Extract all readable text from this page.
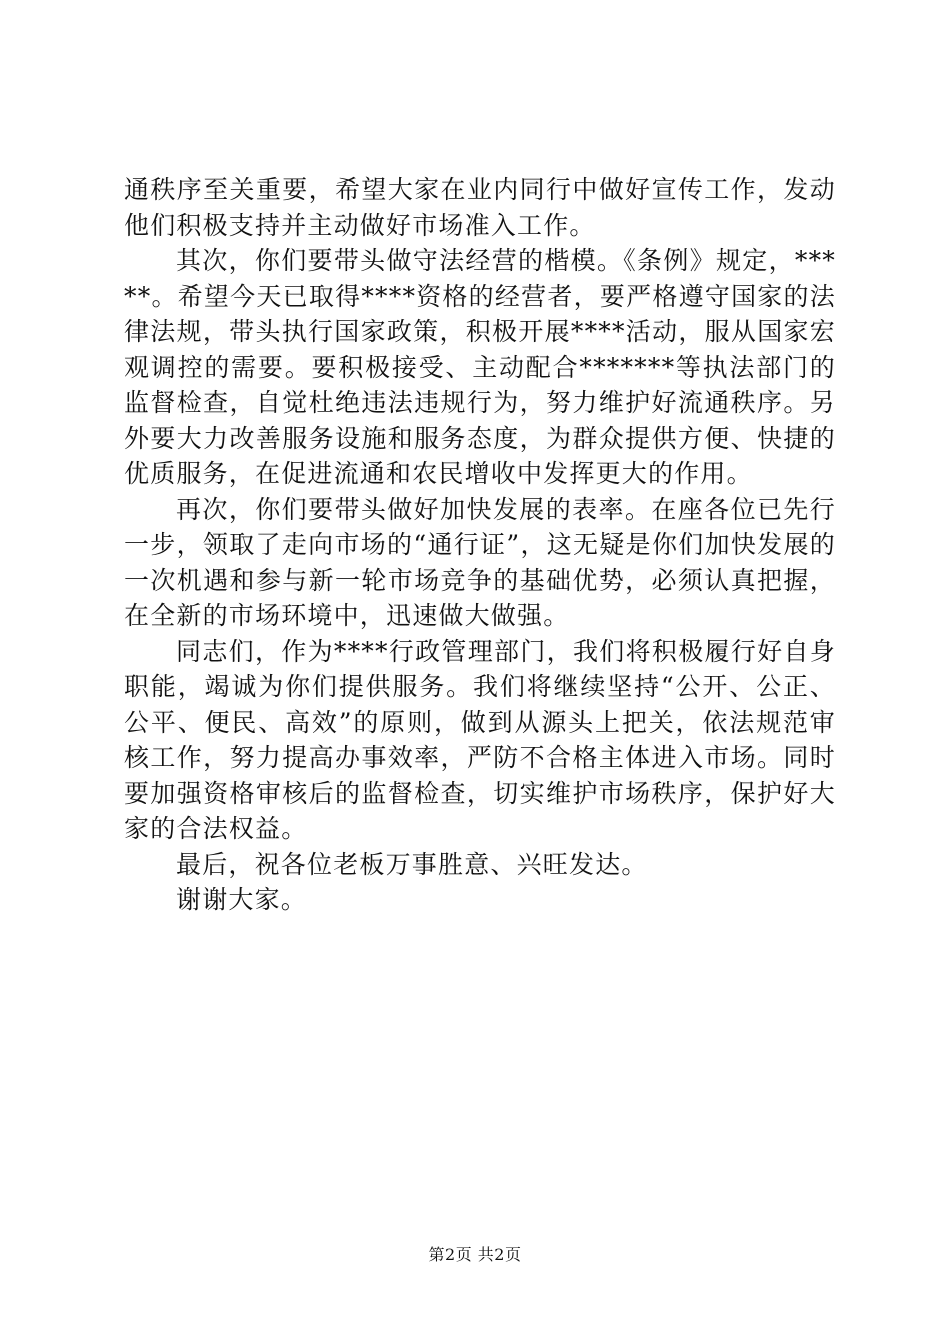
通秩序至关重要，希望大家在业内同行中做好宣传工作，发动他们积极支持并主动做好市场准入工作。

其次，你们要带头做守法经营的楷模。《条例》规定，*****。希望今天已取得****资格的经营者，要严格遵守国家的法律法规，带头执行国家政策，积极开展****活动，服从国家宏观调控的需要。要积极接受、主动配合*******等执法部门的监督检查，自觉杜绝违法违规行为，努力维护好流通秩序。另外要大力改善服务设施和服务态度，为群众提供方便、快捷的优质服务，在促进流通和农民增收中发挥更大的作用。

再次，你们要带头做好加快发展的表率。在座各位已先行一步，领取了走向市场的“通行证”，这无疑是你们加快发展的一次机遇和参与新一轮市场竞争的基础优势，必须认真把握，在全新的市场环境中，迅速做大做强。

同志们，作为****行政管理部门，我们将积极履行好自身职能，竭诚为你们提供服务。我们将继续坚持“公开、公正、公平、便民、高效”的原则，做到从源头上把关，依法规范审核工作，努力提高办事效率，严防不合格主体进入市场。同时要加强资格审核后的监督检查，切实维护市场秩序，保护好大家的合法权益。

最后，祝各位老板万事胜意、兴旺发达。

谢谢大家。

第2页 共2页
